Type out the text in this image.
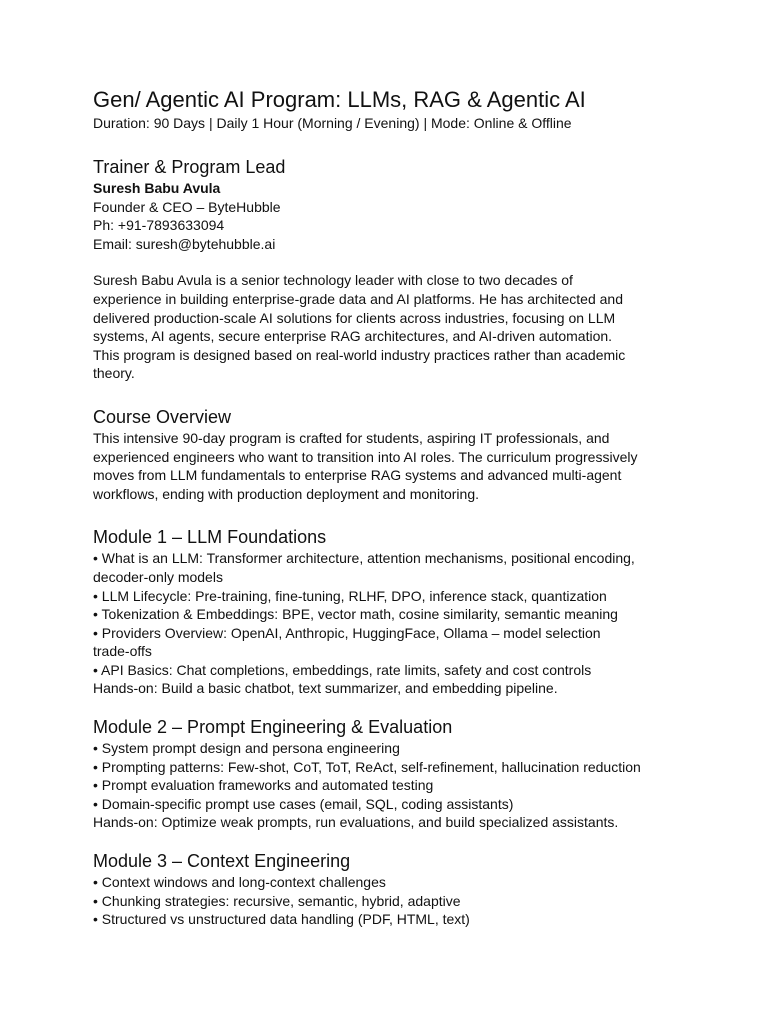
Gen/ Agentic AI Program: LLMs, RAG & Agentic AI
Duration: 90 Days | Daily 1 Hour (Morning / Evening) | Mode: Online & Offline
Trainer & Program Lead
Suresh Babu Avula
Founder & CEO – ByteHubble
Ph: +91-7893633094
Email: suresh@bytehubble.ai
Suresh Babu Avula is a senior technology leader with close to two decades of
experience in building enterprise-grade data and AI platforms. He has architected and
delivered production-scale AI solutions for clients across industries, focusing on LLM
systems, AI agents, secure enterprise RAG architectures, and AI-driven automation.
This program is designed based on real-world industry practices rather than academic
theory.
Course Overview
This intensive 90-day program is crafted for students, aspiring IT professionals, and
experienced engineers who want to transition into AI roles. The curriculum progressively
moves from LLM fundamentals to enterprise RAG systems and advanced multi-agent
workflows, ending with production deployment and monitoring.
Module 1 – LLM Foundations
• What is an LLM: Transformer architecture, attention mechanisms, positional encoding,
decoder-only models
• LLM Lifecycle: Pre-training, fine-tuning, RLHF, DPO, inference stack, quantization
• Tokenization & Embeddings: BPE, vector math, cosine similarity, semantic meaning
• Providers Overview: OpenAI, Anthropic, HuggingFace, Ollama – model selection
trade-offs
• API Basics: Chat completions, embeddings, rate limits, safety and cost controls
Hands-on: Build a basic chatbot, text summarizer, and embedding pipeline.
Module 2 – Prompt Engineering & Evaluation
• System prompt design and persona engineering
• Prompting patterns: Few-shot, CoT, ToT, ReAct, self-refinement, hallucination reduction
• Prompt evaluation frameworks and automated testing
• Domain-specific prompt use cases (email, SQL, coding assistants)
Hands-on: Optimize weak prompts, run evaluations, and build specialized assistants.
Module 3 – Context Engineering
• Context windows and long-context challenges
• Chunking strategies: recursive, semantic, hybrid, adaptive
• Structured vs unstructured data handling (PDF, HTML, text)
